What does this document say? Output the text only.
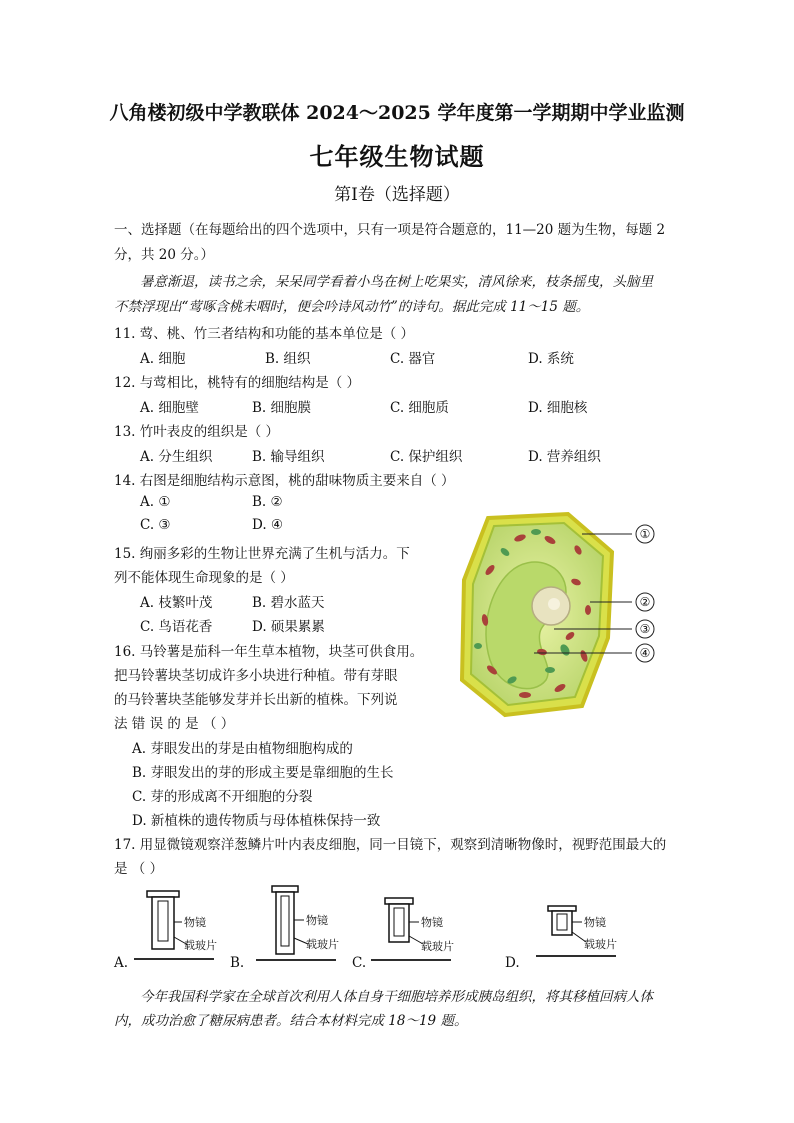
八角楼初级中学教联体 2024～2025 学年度第一学期期中学业监测
七年级生物试题
第Ⅰ卷（选择题）
一、选择题（在每题给出的四个选项中，只有一项是符合题意的，11—20 题为生物，每题 2
分，共 20 分。）
暑意渐退，读书之余，呆呆同学看着小鸟在树上吃果实，清风徐来，枝条摇曳，头脑里
不禁浮现出“莺啄含桃未咽时，便会吟诗风动竹”的诗句。据此完成 11～15 题。
11. 莺、桃、竹三者结构和功能的基本单位是（ ）
A. 细胞	B. 组织	C. 器官	D. 系统
12. 与莺相比，桃特有的细胞结构是（ ）
A. 细胞壁	B. 细胞膜	C. 细胞质	D. 细胞核
13. 竹叶表皮的组织是（ ）
A. 分生组织	B. 输导组织	C. 保护组织	D. 营养组织
14. 右图是细胞结构示意图，桃的甜味物质主要来自（ ）
A. ①	B. ②
C. ③	D. ④
15. 绚丽多彩的生物让世界充满了生机与活力。下
列不能体现生命现象的是（ ）
A. 枝繁叶茂	B. 碧水蓝天
C. 鸟语花香	D. 硕果累累
16. 马铃薯是茄科一年生草本植物，块茎可供食用。
把马铃薯块茎切成许多小块进行种植。带有芽眼
的马铃薯块茎能够发芽并长出新的植株。下列说
法 错 误 的 是 （ ）
A. 芽眼发出的芽是由植物细胞构成的
B. 芽眼发出的芽的形成主要是靠细胞的生长
C. 芽的形成离不开细胞的分裂
D. 新植株的遗传物质与母体植株保持一致
17. 用显微镜观察洋葱鳞片叶内表皮细胞，同一目镜下，观察到清晰物像时，视野范围最大的
是 （ ）
①
②
③
④
A.
物镜
载玻片
B.
物镜
载玻片
C.
物镜
载玻片
D.
物镜
载玻片
今年我国科学家在全球首次利用人体自身干细胞培养形成胰岛组织，将其移植回病人体
内，成功治愈了糖尿病患者。结合本材料完成 18～19 题。
